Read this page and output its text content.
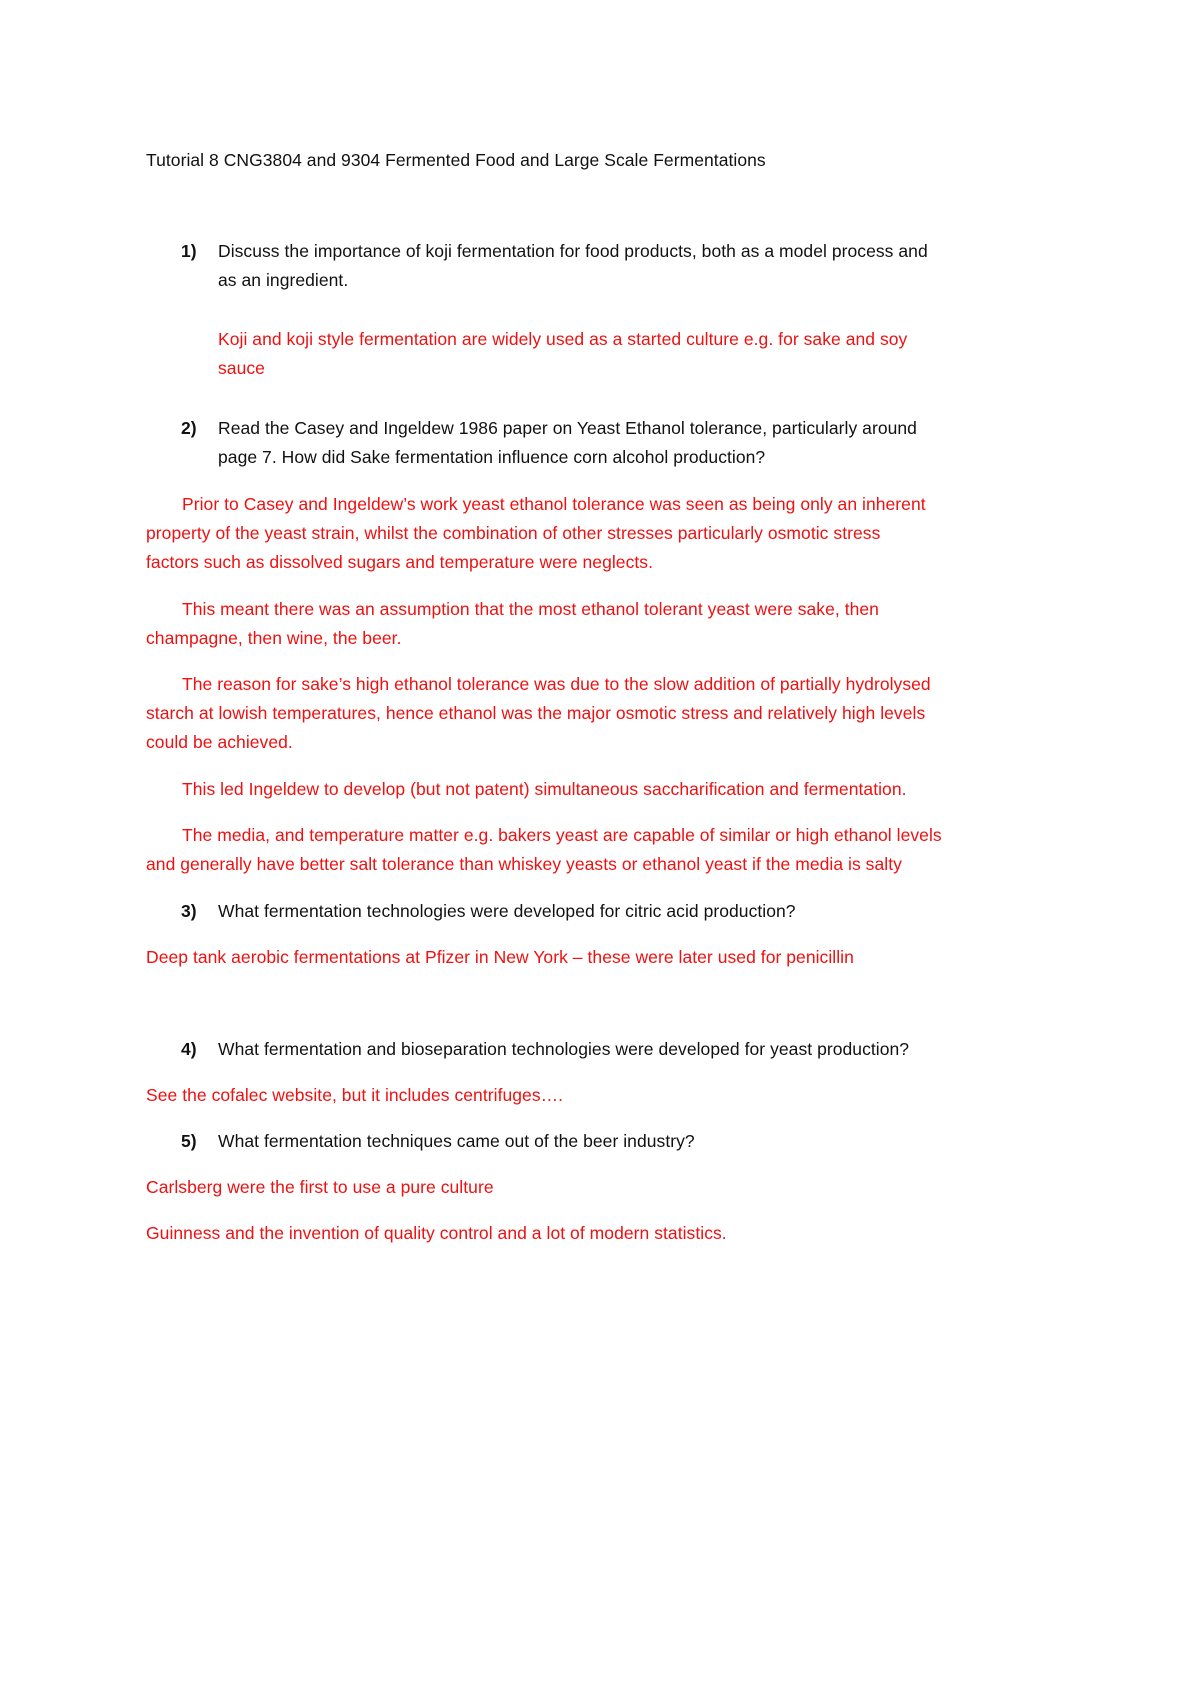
Tutorial 8 CNG3804 and 9304 Fermented Food and Large Scale Fermentations
1) Discuss the importance of koji fermentation for food products, both as a model process and
as an ingredient.
Koji and koji style fermentation are widely used as a started culture e.g. for sake and soy
sauce
2) Read the Casey and Ingeldew 1986 paper on Yeast Ethanol tolerance, particularly around
page 7. How did Sake fermentation influence corn alcohol production?
Prior to Casey and Ingeldew’s work yeast ethanol tolerance was seen as being only an inherent
property of the yeast strain, whilst the combination of other stresses particularly osmotic stress
factors such as dissolved sugars and temperature were neglects.
This meant there was an assumption that the most ethanol tolerant yeast were sake, then
champagne, then wine, the beer.
The reason for sake’s high ethanol tolerance was due to the slow addition of partially hydrolysed
starch at lowish temperatures, hence ethanol was the major osmotic stress and relatively high levels
could be achieved.
This led Ingeldew to develop (but not patent) simultaneous saccharification and fermentation.
The media, and temperature matter e.g. bakers yeast are capable of similar or high ethanol levels
and generally have better salt tolerance than whiskey yeasts or ethanol yeast if the media is salty
3) What fermentation technologies were developed for citric acid production?
Deep tank aerobic fermentations at Pfizer in New York – these were later used for penicillin
4) What fermentation and bioseparation technologies were developed for yeast production?
See the cofalec website, but it includes centrifuges….
5) What fermentation techniques came out of the beer industry?
Carlsberg were the first to use a pure culture
Guinness and the invention of quality control and a lot of modern statistics.
